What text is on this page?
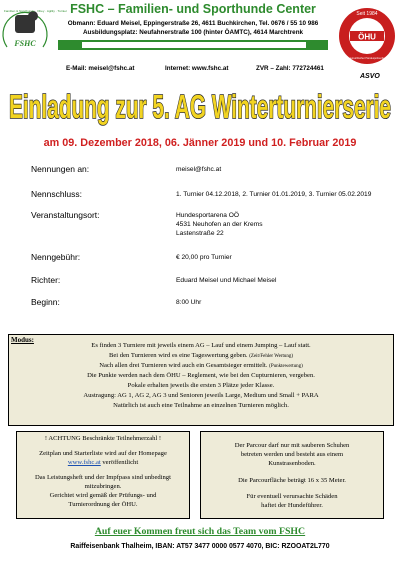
Familien & Sporthunde · Obey · Agility · Turnier
FSHC
FSHC – Familien- und Sporthunde Center
Obmann: Eduard Meisel, Eppingerstraße 26, 4611 Buchkirchen, Tel. 0676 / 55 10 986
Ausbildungsplatz: Neufahnerstraße 100 (hinter ÖAMTC), 4614 Marchtrenk
E-Mail: meisel@fshc.at	Internet: www.fshc.at	ZVR – Zahl: 772724461
ÖHU
Seit 1984
Österreichischer Hundesportverband
ASVO
Einladung zur 5. AG Winterturnierserie
am 09. Dezember 2018, 06. Jänner 2019 und 10. Februar 2019
Nennungen an:	meisel@fshc.at
Nennschluss:	1. Turnier 04.12.2018, 2. Turnier 01.01.2019, 3. Turnier 05.02.2019
Veranstaltungsort:	Hundesportarena OÖ
4531 Neuhofen an der Krems
Lastenstraße 22
Nenngebühr:	€ 20,00 pro Turnier
Richter:	Eduard Meisel und Michael Meisel
Beginn:	8:00 Uhr
Modus:
Es finden 3 Turniere mit jeweils einem AG – Lauf und einem Jumping – Lauf statt.
Bei den Turnieren wird es eine Tageswertung geben. (Zeit/Fehler Wertung)
Nach allen drei Turnieren wird auch ein Gesamtsieger ermittelt. (Punktewertung)
Die Punkte werden nach dem ÖHU – Reglement, wie bei den Cupturnieren, vergeben.
Pokale erhalten jeweils die ersten 3 Plätze jeder Klasse.
Austragung: AG 1, AG 2, AG 3 und Senioren jeweils Large, Medium und Small + PARA
Natürlich ist auch eine Teilnahme an einzelnen Turnieren möglich.
! ACHTUNG Beschränkte Teilnehmerzahl !
Zeitplan und Starterliste wird auf der Homepage
www.fshc.at veröffentlicht
Das Leistungsheft und der Impfpass sind unbedingt
mitzubringen.
Gerichtet wird gemäß der Prüfungs- und
Turnierordnung der ÖHU.
Der Parcour darf nur mit sauberen Schuhen
betreten werden und besteht aus einem
Kunstrasenboden.
Die Parcourfläche beträgt 16 x 35 Meter.
Für eventuell verursachte Schäden
haftet der Hundeführer.
Auf euer Kommen freut sich das Team vom FSHC
Raiffeisenbank Thalheim, IBAN: AT57 3477 0000 0577 4070, BIC: RZOOAT2L770
